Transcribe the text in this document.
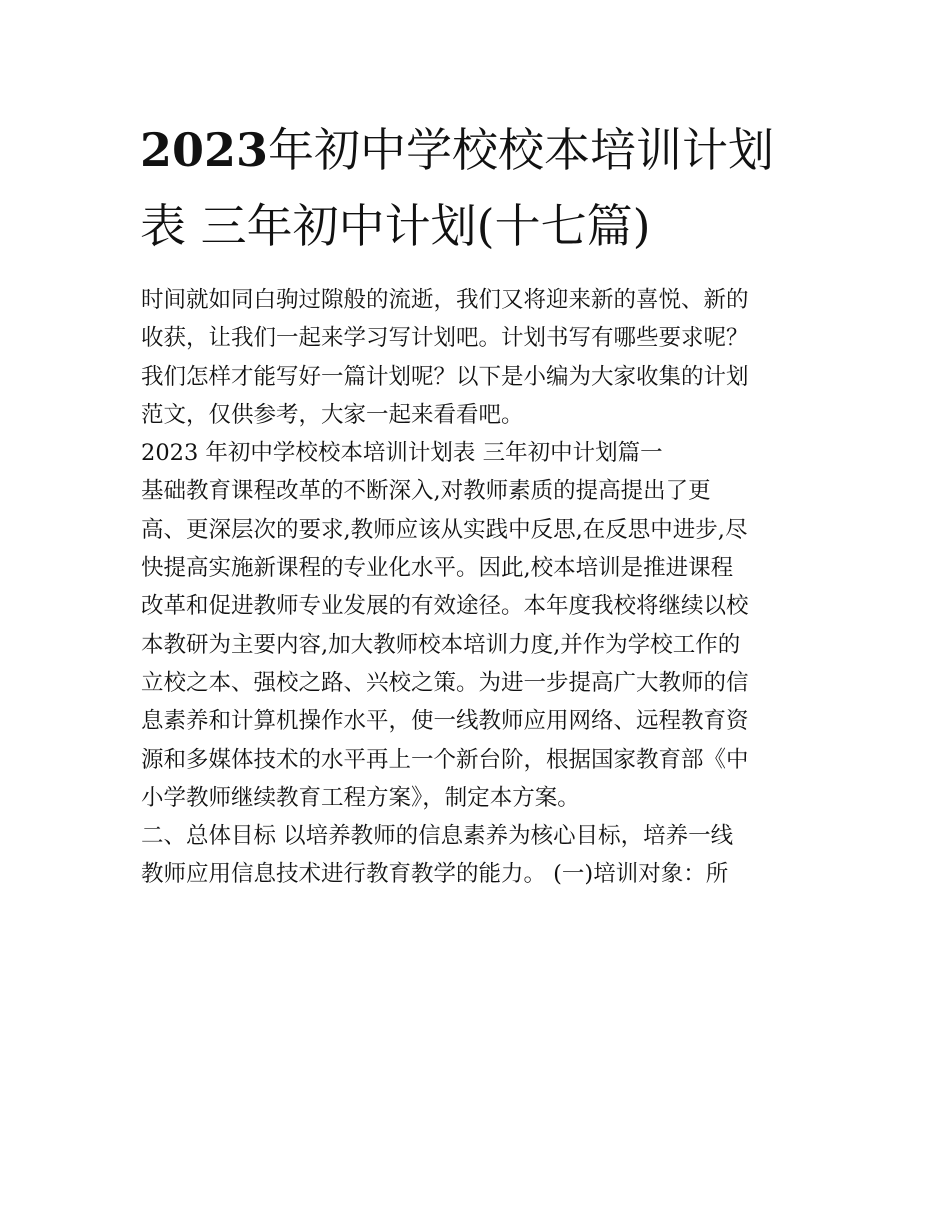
2023年初中学校校本培训计划
表 三年初中计划(十七篇)
时间就如同白驹过隙般的流逝，我们又将迎来新的喜悦、新的
收获，让我们一起来学习写计划吧。计划书写有哪些要求呢？
我们怎样才能写好一篇计划呢？以下是小编为大家收集的计划
范文，仅供参考，大家一起来看看吧。
2023 年初中学校校本培训计划表 三年初中计划篇一
基础教育课程改革的不断深入,对教师素质的提高提出了更
高、更深层次的要求,教师应该从实践中反思,在反思中进步,尽
快提高实施新课程的专业化水平。因此,校本培训是推进课程
改革和促进教师专业发展的有效途径。本年度我校将继续以校
本教研为主要内容,加大教师校本培训力度,并作为学校工作的
立校之本、强校之路、兴校之策。为进一步提高广大教师的信
息素养和计算机操作水平，使一线教师应用网络、远程教育资
源和多媒体技术的水平再上一个新台阶，根据国家教育部《中
小学教师继续教育工程方案》，制定本方案。
二、总体目标 以培养教师的信息素养为核心目标，培养一线
教师应用信息技术进行教育教学的能力。 (一)培训对象：所
